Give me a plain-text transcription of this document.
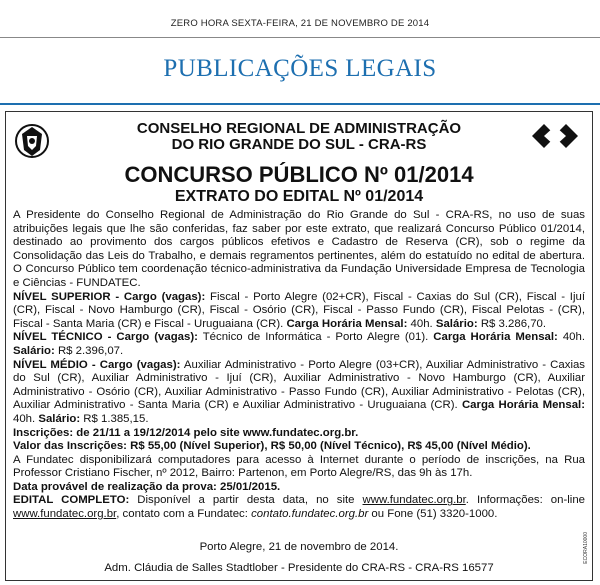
ZERO HORA SEXTA-FEIRA, 21 DE NOVEMBRO DE 2014
PUBLICAÇÕES LEGAIS
CONSELHO REGIONAL DE ADMINISTRAÇÃO
DO RIO GRANDE DO SUL - CRA-RS
CONCURSO PÚBLICO Nº 01/2014
EXTRATO DO EDITAL Nº 01/2014

A Presidente do Conselho Regional de Administração do Rio Grande do Sul - CRA-RS, no uso de suas atribuições legais que lhe são conferidas, faz saber por este extrato, que realizará Concurso Público 01/2014, destinado ao provimento dos cargos públicos efetivos e Cadastro de Reserva (CR), sob o regime da Consolidação das Leis do Trabalho, e demais regramentos pertinentes, além do estatuído no edital de abertura. O Concurso Público tem coordenação técnico-administrativa da Fundação Universidade Empresa de Tecnologia e Ciências - FUNDATEC.

NÍVEL SUPERIOR - Cargo (vagas): Fiscal - Porto Alegre (02+CR), Fiscal - Caxias do Sul (CR), Fiscal - Ijuí (CR), Fiscal - Novo Hamburgo (CR), Fiscal - Osório (CR), Fiscal - Passo Fundo (CR), Fiscal Pelotas - (CR), Fiscal - Santa Maria (CR) e Fiscal - Uruguaiana (CR). Carga Horária Mensal: 40h. Salário: R$ 3.286,70.

NÍVEL TÉCNICO - Cargo (vagas): Técnico de Informática - Porto Alegre (01). Carga Horária Mensal: 40h. Salário: R$ 2.396,07.

NÍVEL MÉDIO - Cargo (vagas): Auxiliar Administrativo - Porto Alegre (03+CR), Auxiliar Administrativo - Caxias do Sul (CR), Auxiliar Administrativo - Ijuí (CR), Auxiliar Administrativo - Novo Hamburgo (CR), Auxiliar Administrativo - Osório (CR), Auxiliar Administrativo - Passo Fundo (CR), Auxiliar Administrativo - Pelotas (CR), Auxiliar Administrativo - Santa Maria (CR) e Auxiliar Administrativo - Uruguaiana (CR). Carga Horária Mensal: 40h. Salário: R$ 1.385,15.

Inscrições: de 21/11 a 19/12/2014 pelo site www.fundatec.org.br.

Valor das Inscrições: R$ 55,00 (Nível Superior), R$ 50,00 (Nível Técnico), R$ 45,00 (Nível Médio).

A Fundatec disponibilizará computadores para acesso à Internet durante o período de inscrições, na Rua Professor Cristiano Fischer, nº 2012, Bairro: Partenon, em Porto Alegre/RS, das 9h às 17h.

Data provável de realização da prova: 25/01/2015.

EDITAL COMPLETO: Disponível a partir desta data, no site www.fundatec.org.br. Informações: on-line www.fundatec.org.br, contato com a Fundatec: contato.fundatec.org.br ou Fone (51) 3320-1000.

Porto Alegre, 21 de novembro de 2014.
Adm. Cláudia de Salles Stadtlober - Presidente do CRA-RS - CRA-RS 16577
ECORA10000
